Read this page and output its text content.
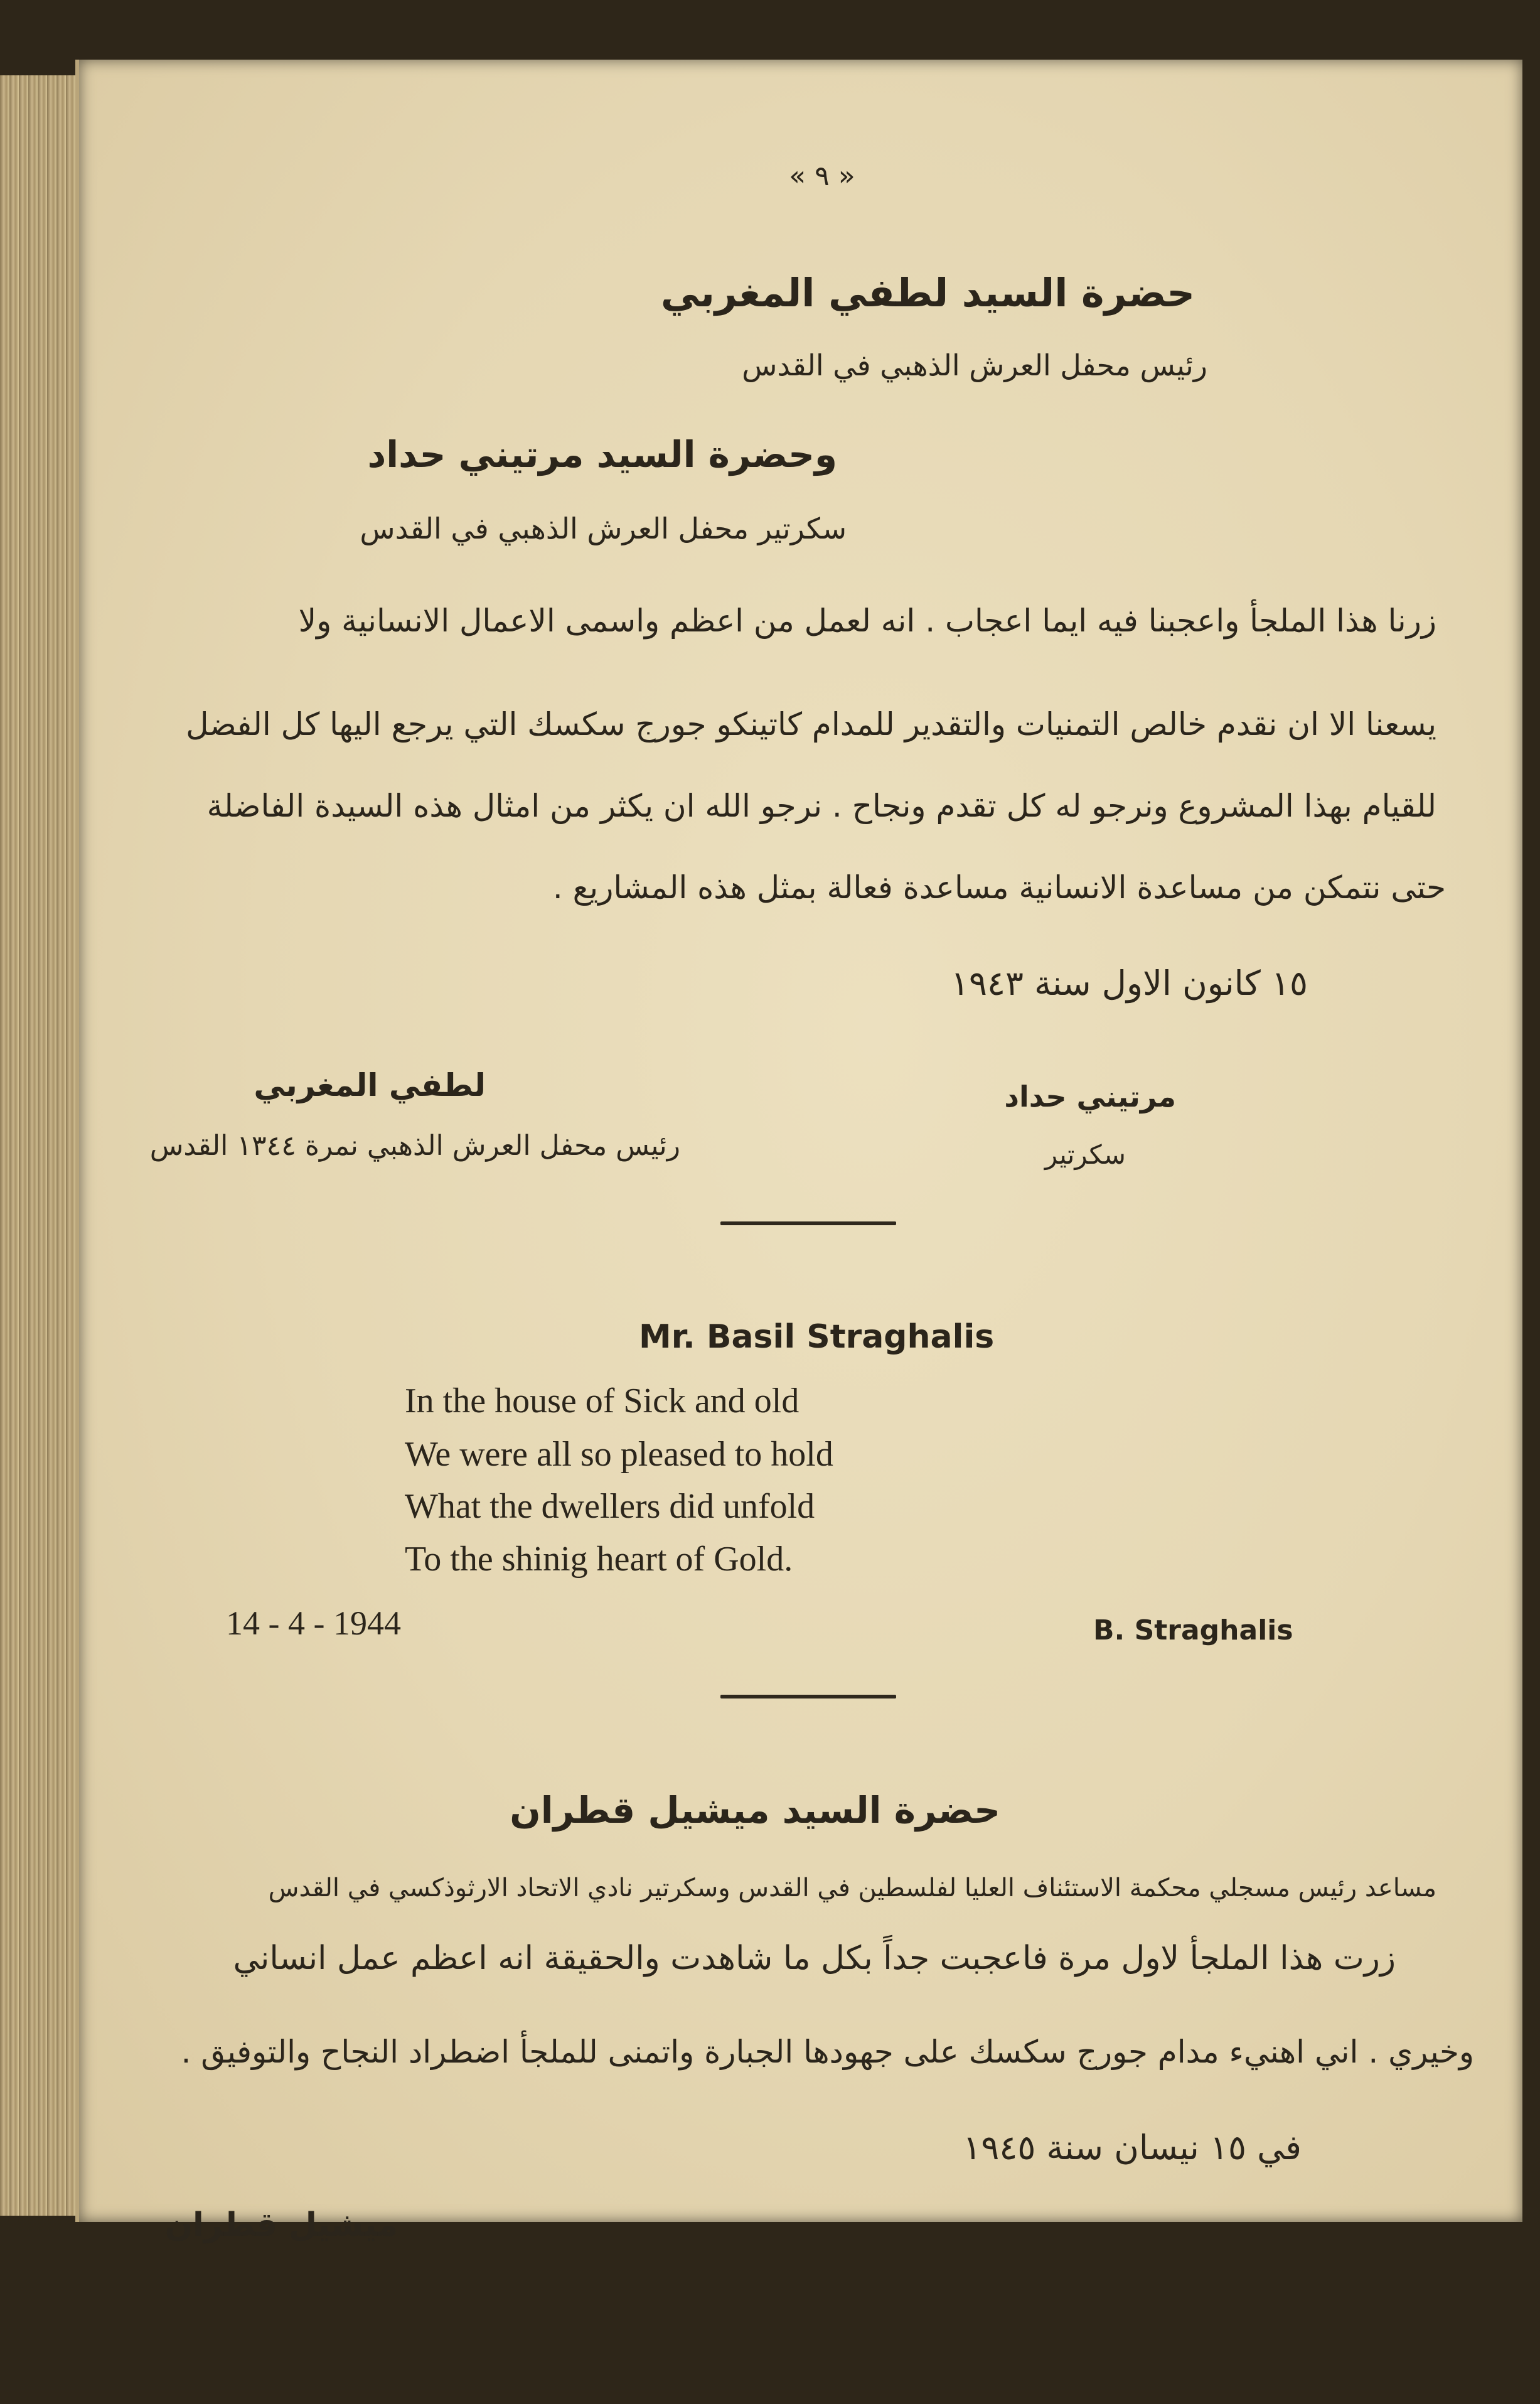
« ٩ »
حضرة السيد لطفي المغربي
رئيس محفل العرش الذهبي في القدس
وحضرة السيد مرتيني حداد
سكرتير محفل العرش الذهبي في القدس
زرنا هذا الملجأ واعجبنا فيه ايما اعجاب . انه لعمل من اعظم واسمى الاعمال الانسانية ولا
يسعنا الا ان نقدم خالص التمنيات والتقدير للمدام كاتينكو جورج سكسك التي يرجع اليها كل الفضل
للقيام بهذا المشروع ونرجو له كل تقدم ونجاح . نرجو الله ان يكثر من امثال هذه السيدة الفاضلة
حتى نتمكن من مساعدة الانسانية مساعدة فعالة بمثل هذه المشاريع .
١٥ كانون الاول سنة ١٩٤٣
مرتيني حداد
سكرتير
لطفي المغربي
رئيس محفل العرش الذهبي نمرة ١٣٤٤ القدس
Mr. Basil Straghalis
In the house of Sick and old
We were all so pleased to hold
What the dwellers did unfold
To the shinig heart of Gold.
14 - 4 - 1944	B. Straghalis
حضرة السيد ميشيل قطران
مساعد رئيس مسجلي محكمة الاستئناف العليا لفلسطين في القدس وسكرتير نادي الاتحاد الارثوذكسي في القدس
زرت هذا الملجأ لاول مرة فاعجبت جداً بكل ما شاهدت والحقيقة انه اعظم عمل انساني
وخيري . اني اهنيء مدام جورج سكسك على جهودها الجبارة واتمنى للملجأ اضطراد النجاح والتوفيق .
في ١٥ نيسان سنة ١٩٤٥
ميشيل قطران
